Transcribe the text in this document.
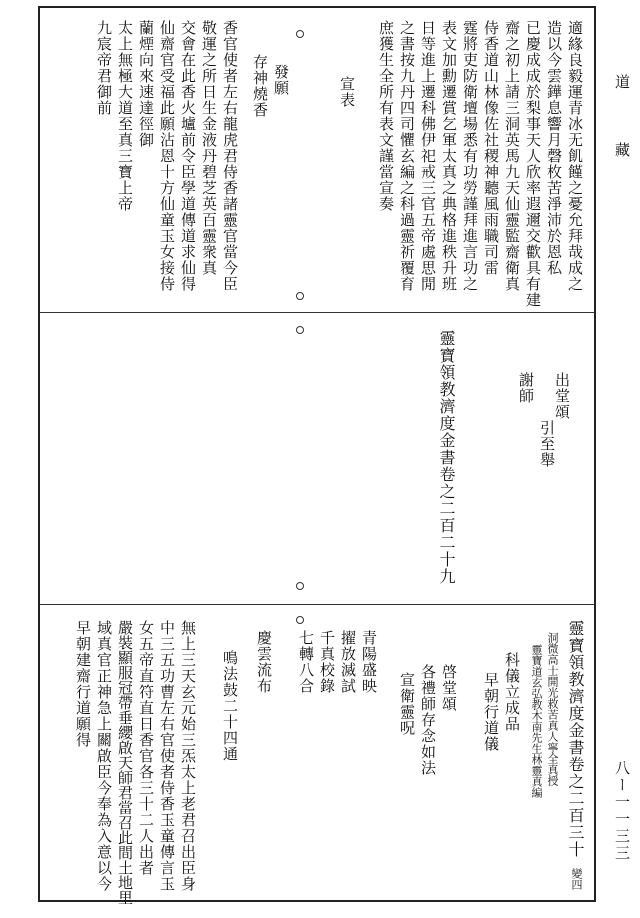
道
藏
八ー一一三三
適緣良毅運青冰无飢饉之憂允拜哉成之
造以今雲鏵息響月磬枚苦淨沛於恩私
已慶成成於梨事天人欣率遐邇交歡具有建
齋之初上請三洞英馬九天仙靈監齋衛真
侍香道山林像佐社稷神聽風雨職司雷
霆將吏防衛壇場悉有功勞謹拜進言功之
表文加勳遷賞乞軍太真之典格進秩升班
日等進上遷科佛伊祀戒三官五帝處思閒
之書按九丹四司懼玄編之科過靈祈覆育
庶獲生全所有表文謹當宣奏
宣表
發願
存神燒香
香官使者左右龍虎君侍香諸靈官當今臣
敬運之所日生金液丹碧芝英百靈衆真
交會在此香火壚前令臣學道傳道求仙得
仙齋官受福此願沾恩十方仙童玉女接侍
蘭煙向來速達徑御
太上無極大道至真三寶上帝
九宸帝君御前
出堂頌
引至舉
謝師
靈寶領教濟度金書卷之二百二十九
靈寶領教濟度金書卷之二百三十
變四
洞微高士開光救苦真人寧全真授
靈寶道玄弘教木南先生林靈真編
科儀立成品
早朝行道儀
啓堂頌
各禮師存念如法
宣衛靈呪
青陽盛映
擢放滅試
千真校錄
七轉八合
慶雲流布
鳴法鼓二十四通
無上三天玄元始三炁太上老君召出臣身
中三五功曹左右官使者侍香玉童傳言玉
女五帝直符直日香官各三十二人出者
嚴裝顯服冠帶垂纓啟天師君當召此間土地里
域真官正神急上關啟臣今奉為入意以今
早朝建齋行道願得
